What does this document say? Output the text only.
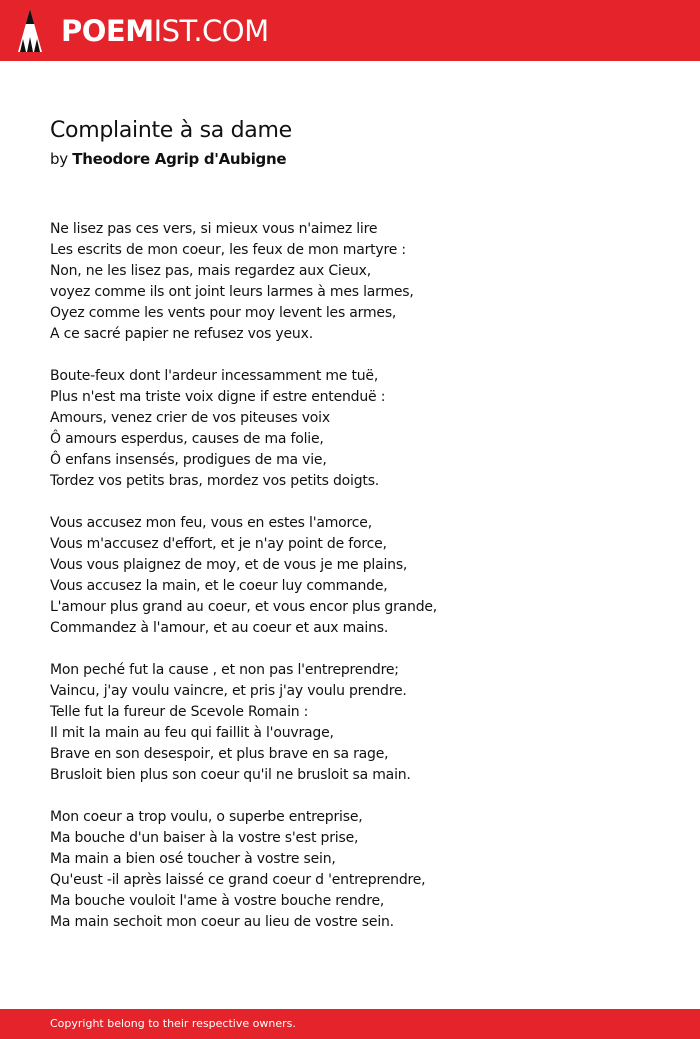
POEMIST.COM
Complainte à sa dame
by Theodore Agrip d'Aubigne
Ne lisez pas ces vers, si mieux vous n'aimez lire
Les escrits de mon coeur, les feux de mon martyre :
Non, ne les lisez pas, mais regardez aux Cieux,
voyez comme ils ont joint leurs larmes à mes larmes,
Oyez comme les vents pour moy levent les armes,
A ce sacré papier ne refusez vos yeux.
Boute-feux dont l'ardeur incessamment me tuë,
Plus n'est ma triste voix digne if estre entenduë :
Amours, venez crier de vos piteuses voix
Ô amours esperdus, causes de ma folie,
Ô enfans insensés, prodigues de ma vie,
Tordez vos petits bras, mordez vos petits doigts.
Vous accusez mon feu, vous en estes l'amorce,
Vous m'accusez d'effort, et je n'ay point de force,
Vous vous plaignez de moy, et de vous je me plains,
Vous accusez la main, et le coeur luy commande,
L'amour plus grand au coeur, et vous encor plus grande,
Commandez à l'amour, et au coeur et aux mains.
Mon peché fut la cause , et non pas l'entreprendre;
Vaincu, j'ay voulu vaincre, et pris j'ay voulu prendre.
Telle fut la fureur de Scevole Romain :
Il mit la main au feu qui faillit à l'ouvrage,
Brave en son desespoir, et plus brave en sa rage,
Brusloit bien plus son coeur qu'il ne brusloit sa main.
Mon coeur a trop voulu, o superbe entreprise,
Ma bouche d'un baiser à la vostre s'est prise,
Ma main a bien osé toucher à vostre sein,
Qu'eust -il après laissé ce grand coeur d 'entreprendre,
Ma bouche vouloit l'ame à vostre bouche rendre,
Ma main sechoit mon coeur au lieu de vostre sein.
Copyright belong to their respective owners.
